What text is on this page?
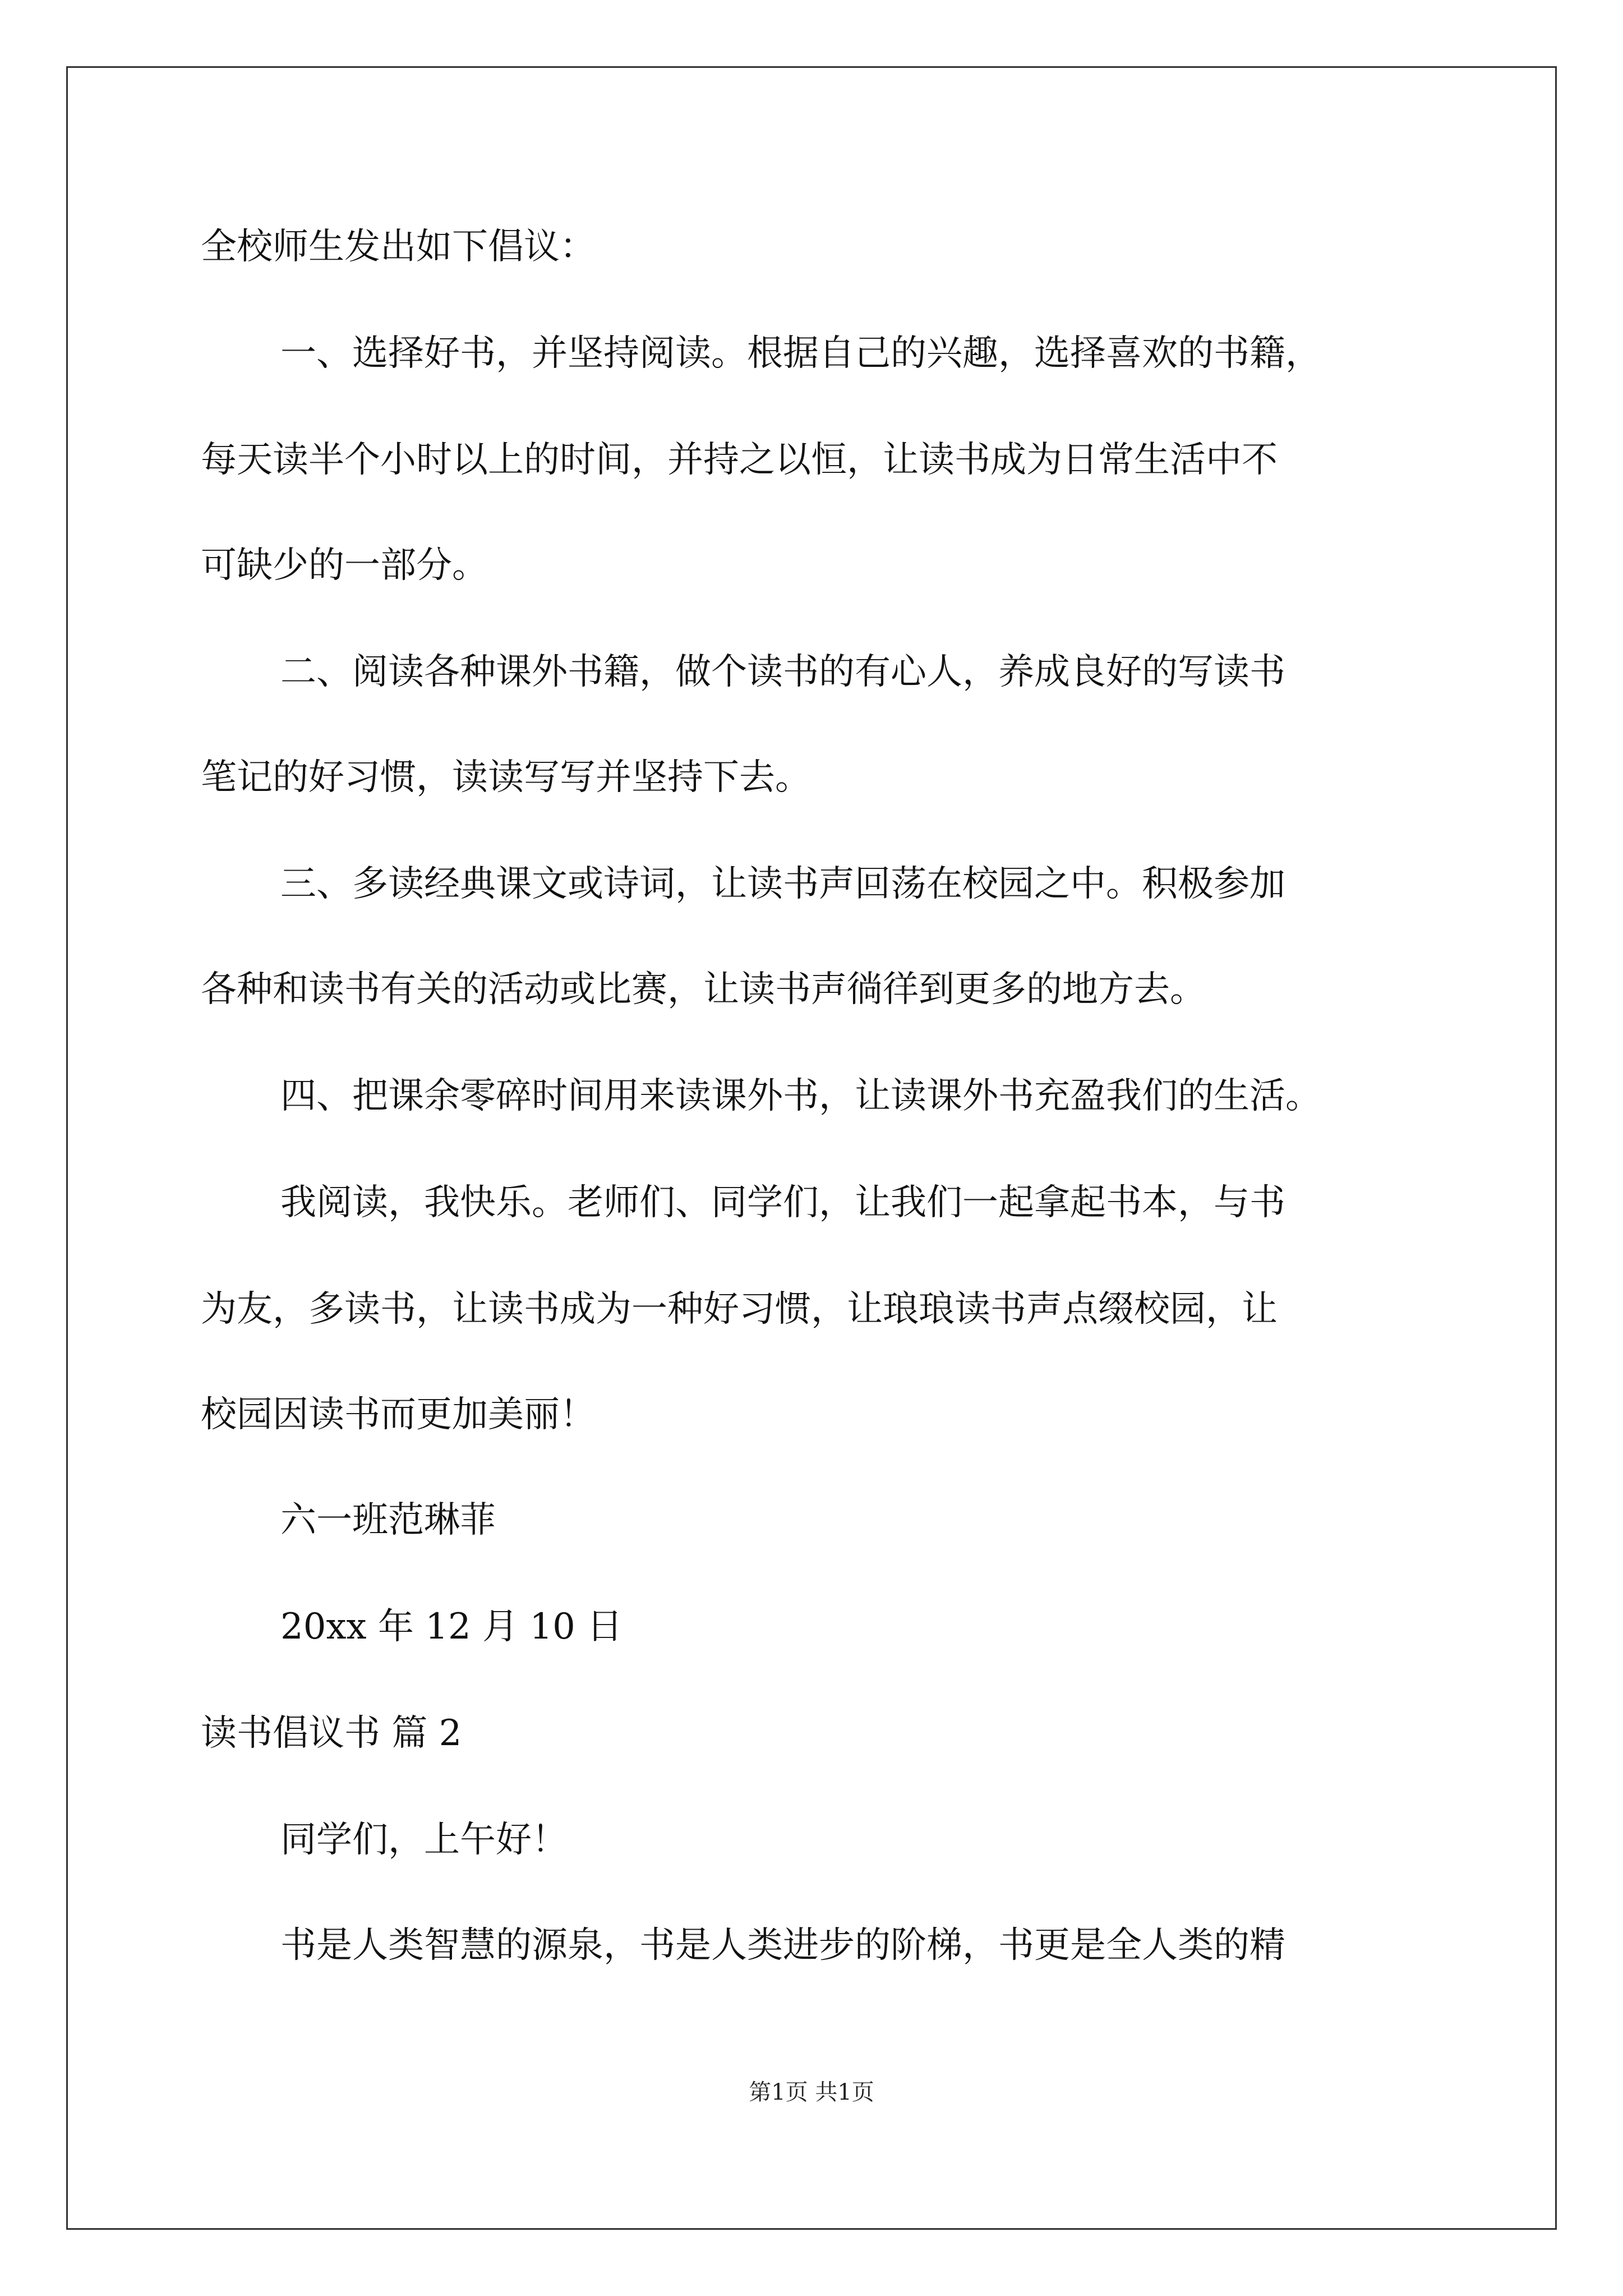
全校师生发出如下倡议：
一、选择好书，并坚持阅读。根据自己的兴趣，选择喜欢的书籍，
每天读半个小时以上的时间，并持之以恒，让读书成为日常生活中不
可缺少的一部分。
二、阅读各种课外书籍，做个读书的有心人，养成良好的写读书
笔记的好习惯，读读写写并坚持下去。
三、多读经典课文或诗词，让读书声回荡在校园之中。积极参加
各种和读书有关的活动或比赛，让读书声徜徉到更多的地方去。
四、把课余零碎时间用来读课外书，让读课外书充盈我们的生活。
我阅读，我快乐。老师们、同学们，让我们一起拿起书本，与书
为友，多读书，让读书成为一种好习惯，让琅琅读书声点缀校园，让
校园因读书而更加美丽！
六一班范琳菲
20xx 年 12 月 10 日
读书倡议书 篇 2
同学们，上午好！
书是人类智慧的源泉，书是人类进步的阶梯，书更是全人类的精
第1页 共1页
